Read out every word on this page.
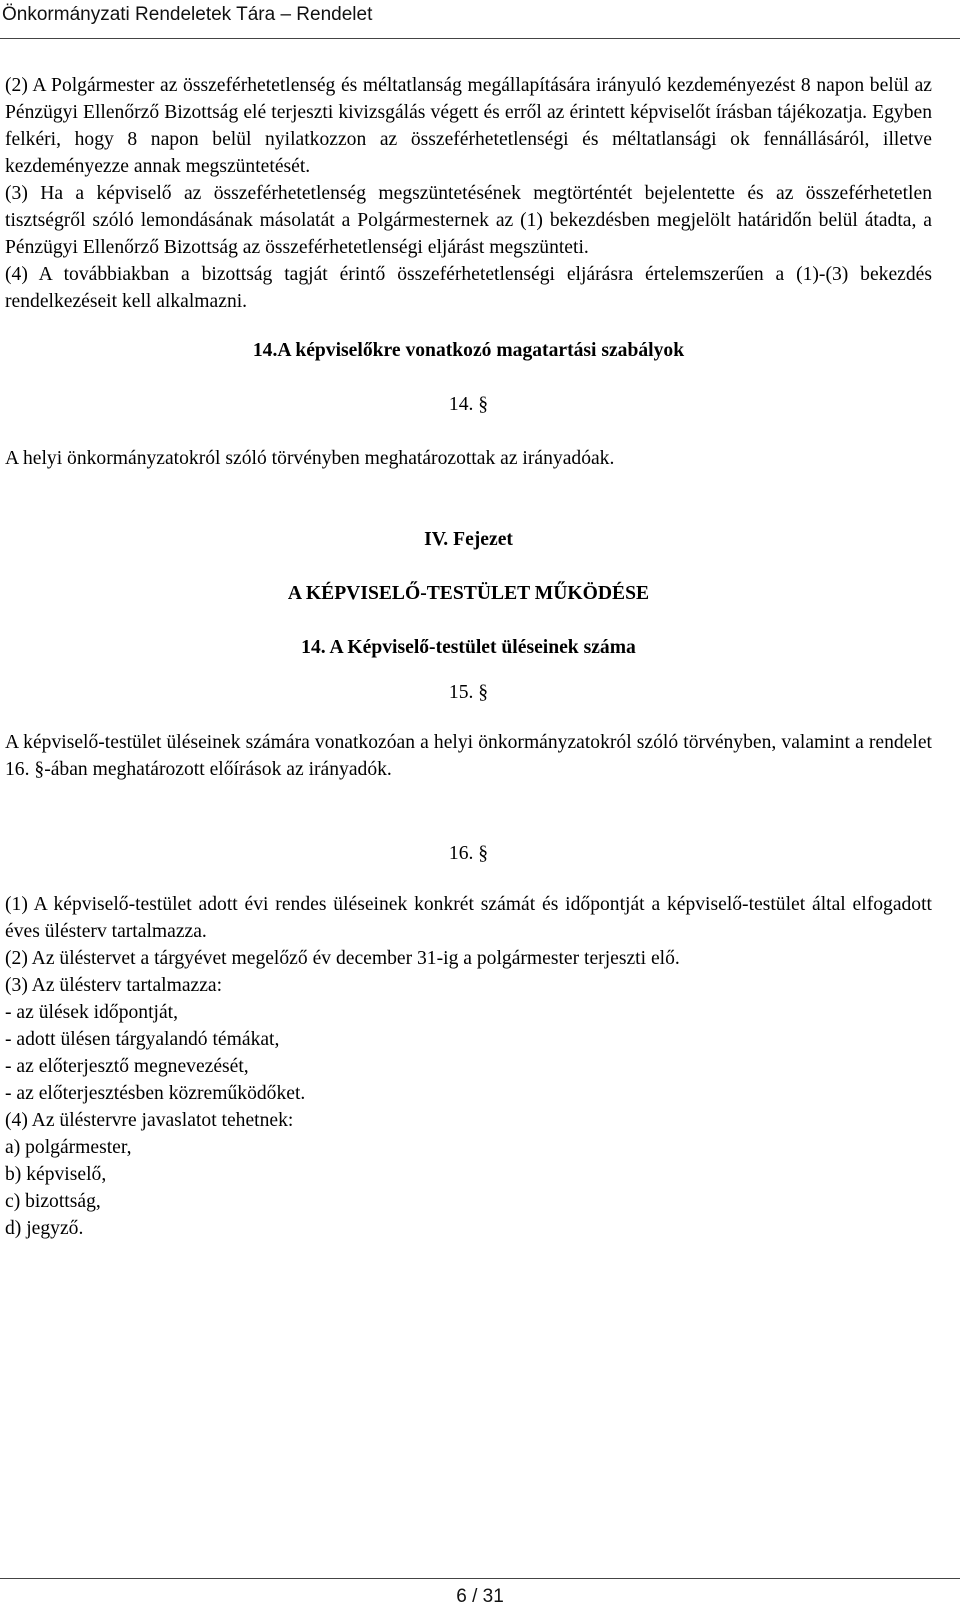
Önkormányzati Rendeletek Tára – Rendelet

(2) A Polgármester az összeférhetetlenség és méltatlanság megállapítására irányuló kezdeményezést 8 napon belül az Pénzügyi Ellenőrző Bizottság elé terjeszti kivizsgálás végett és erről az érintett képviselőt írásban tájékozatja. Egyben felkéri, hogy 8 napon belül nyilatkozzon az összeférhetetlenségi és méltatlansági ok fennállásáról, illetve kezdeményezze annak megszüntetését.

(3) Ha a képviselő az összeférhetetlenség megszüntetésének megtörténtét bejelentette és az összeférhetetlen tisztségről szóló lemondásának másolatát a Polgármesternek az (1) bekezdésben megjelölt határidőn belül átadta, a Pénzügyi Ellenőrző Bizottság az összeférhetetlenségi eljárást megszünteti.

(4) A továbbiakban a bizottság tagját érintő összeférhetetlenségi eljárásra értelemszerűen a (1)-(3) bekezdés rendelkezéseit kell alkalmazni.

14.A képviselőkre vonatkozó magatartási szabályok

14. §

A helyi önkormányzatokról szóló törvényben meghatározottak az irányadóak.

IV. Fejezet

A KÉPVISELŐ-TESTÜLET MŰKÖDÉSE

14. A Képviselő-testület üléseinek száma

15. §

A képviselő-testület üléseinek számára vonatkozóan a helyi önkormányzatokról szóló törvényben, valamint a rendelet 16. §-ában meghatározott előírások az irányadók.

16. §

(1) A képviselő-testület adott évi rendes üléseinek konkrét számát és időpontját a képviselő-testület által elfogadott éves ülésterv tartalmazza.

(2) Az üléstervet a tárgyévet megelőző év december 31-ig a polgármester terjeszti elő.

(3) Az ülésterv tartalmazza:

- az ülések időpontját,

- adott ülésen tárgyalandó témákat,

- az előterjesztő megnevezését,

- az előterjesztésben közreműködőket.

(4) Az üléstervre javaslatot tehetnek:

a) polgármester,

b) képviselő,

c) bizottság,

d) jegyző.

6 / 31
